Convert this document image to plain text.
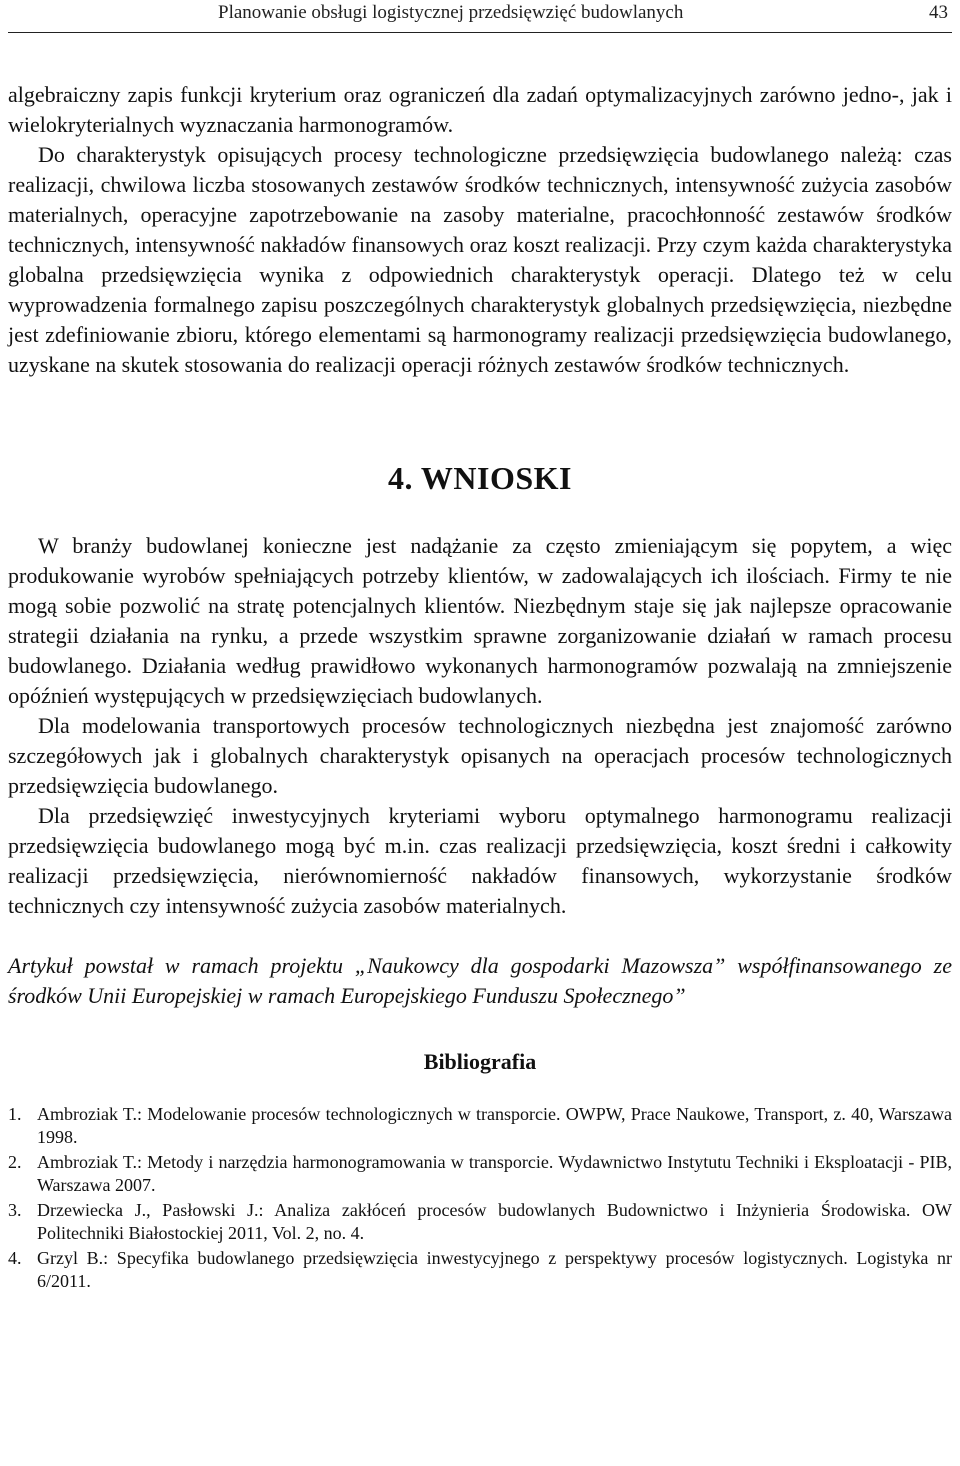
Planowanie obsługi logistycznej przedsięwzięć budowlanych	43

algebraiczny zapis funkcji kryterium oraz ograniczeń dla zadań optymalizacyjnych zarówno jedno-, jak i wielokryterialnych wyznaczania harmonogramów.

Do charakterystyk opisujących procesy technologiczne przedsięwzięcia budowlanego należą: czas realizacji, chwilowa liczba stosowanych zestawów środków technicznych, intensywność zużycia zasobów materialnych, operacyjne zapotrzebowanie na zasoby materialne, pracochłonność zestawów środków technicznych, intensywność nakładów finansowych oraz koszt realizacji. Przy czym każda charakterystyka globalna przedsięwzięcia wynika z odpowiednich charakterystyk operacji. Dlatego też w celu wyprowadzenia formalnego zapisu poszczególnych charakterystyk globalnych przedsięwzięcia, niezbędne jest zdefiniowanie zbioru, którego elementami są harmonogramy realizacji przedsięwzięcia budowlanego, uzyskane na skutek stosowania do realizacji operacji różnych zestawów środków technicznych.

4. WNIOSKI

W branży budowlanej konieczne jest nadążanie za często zmieniającym się popytem, a więc produkowanie wyrobów spełniających potrzeby klientów, w zadowalających ich ilościach. Firmy te nie mogą sobie pozwolić na stratę potencjalnych klientów. Niezbędnym staje się jak najlepsze opracowanie strategii działania na rynku, a przede wszystkim sprawne zorganizowanie działań w ramach procesu budowlanego. Działania według prawidłowo wykonanych harmonogramów pozwalają na zmniejszenie opóźnień występujących w przedsięwzięciach budowlanych.

Dla modelowania transportowych procesów technologicznych niezbędna jest znajomość zarówno szczegółowych jak i globalnych charakterystyk opisanych na operacjach procesów technologicznych przedsięwzięcia budowlanego.

Dla przedsięwzięć inwestycyjnych kryteriami wyboru optymalnego harmonogramu realizacji przedsięwzięcia budowlanego mogą być m.in. czas realizacji przedsięwzięcia, koszt średni i całkowity realizacji przedsięwzięcia, nierównomierność nakładów finansowych, wykorzystanie środków technicznych czy intensywność zużycia zasobów materialnych.

Artykuł powstał w ramach projektu „Naukowcy dla gospodarki Mazowsza” współfinansowanego ze środków Unii Europejskiej w ramach Europejskiego Funduszu Społecznego”

Bibliografia
1. Ambroziak T.: Modelowanie procesów technologicznych w transporcie. OWPW, Prace Naukowe, Transport, z. 40, Warszawa 1998.
2. Ambroziak T.: Metody i narzędzia harmonogramowania w transporcie. Wydawnictwo Instytutu Techniki i Eksploatacji - PIB, Warszawa 2007.
3. Drzewiecka J., Pasłowski J.: Analiza zakłóceń procesów budowlanych Budownictwo i Inżynieria Środowiska. OW Politechniki Białostockiej 2011, Vol. 2, no. 4.
4. Grzyl B.: Specyfika budowlanego przedsięwzięcia inwestycyjnego z perspektywy procesów logistycznych. Logistyka nr 6/2011.
